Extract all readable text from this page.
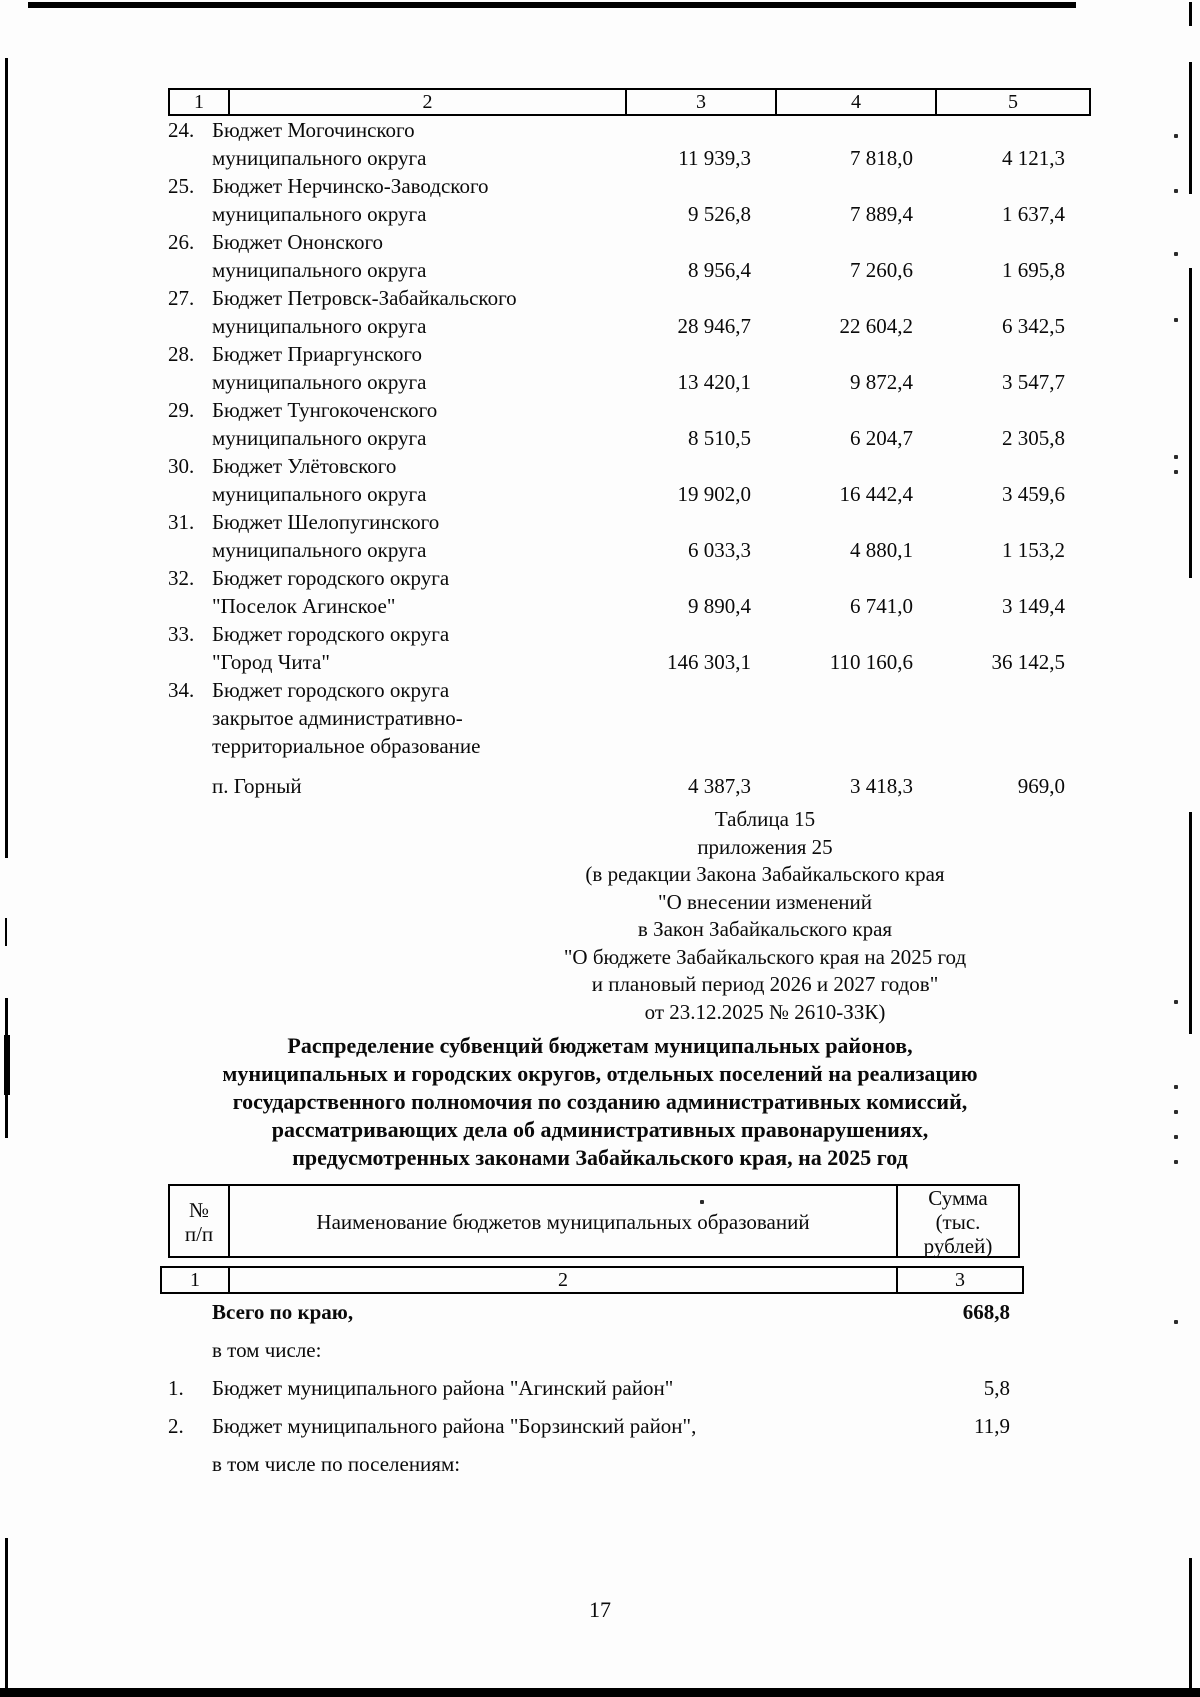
1	2	3	4	5
24. Бюджет Могочинского
муниципального округа	11 939,3	7 818,0	4 121,3
25. Бюджет Нерчинско-Заводского
муниципального округа	9 526,8	7 889,4	1 637,4
26. Бюджет Ононского
муниципального округа	8 956,4	7 260,6	1 695,8
27. Бюджет Петровск-Забайкальского
муниципального округа	28 946,7	22 604,2	6 342,5
28. Бюджет Приаргунского
муниципального округа	13 420,1	9 872,4	3 547,7
29. Бюджет Тунгокоченского
муниципального округа	8 510,5	6 204,7	2 305,8
30. Бюджет Улётовского
муниципального округа	19 902,0	16 442,4	3 459,6
31. Бюджет Шелопугинского
муниципального округа	6 033,3	4 880,1	1 153,2
32. Бюджет городского округа
"Поселок Агинское"	9 890,4	6 741,0	3 149,4
33. Бюджет городского округа
"Город Чита"	146 303,1	110 160,6	36 142,5
34. Бюджет городского округа
закрытое административно-
территориальное образование
п. Горный	4 387,3	3 418,3	969,0
Таблица 15
приложения 25
(в редакции Закона Забайкальского края
"О внесении изменений
в Закон Забайкальского края
"О бюджете Забайкальского края на 2025 год
и плановый период 2026 и 2027 годов"
от 23.12.2025 № 2610-ЗЗК)
Распределение субвенций бюджетам муниципальных районов,
муниципальных и городских округов, отдельных поселений на реализацию
государственного полномочия по созданию административных комиссий,
рассматривающих дела об административных правонарушениях,
предусмотренных законами Забайкальского края, на 2025 год
№
п/п	Наименование бюджетов муниципальных образований
Сумма
(тыс.
рублей)
1	2	3
Всего по краю,	668,8
в том числе:
1.	Бюджет муниципального района "Агинский район"	5,8
2.	Бюджет муниципального района "Борзинский район",	11,9
в том числе по поселениям:
17
